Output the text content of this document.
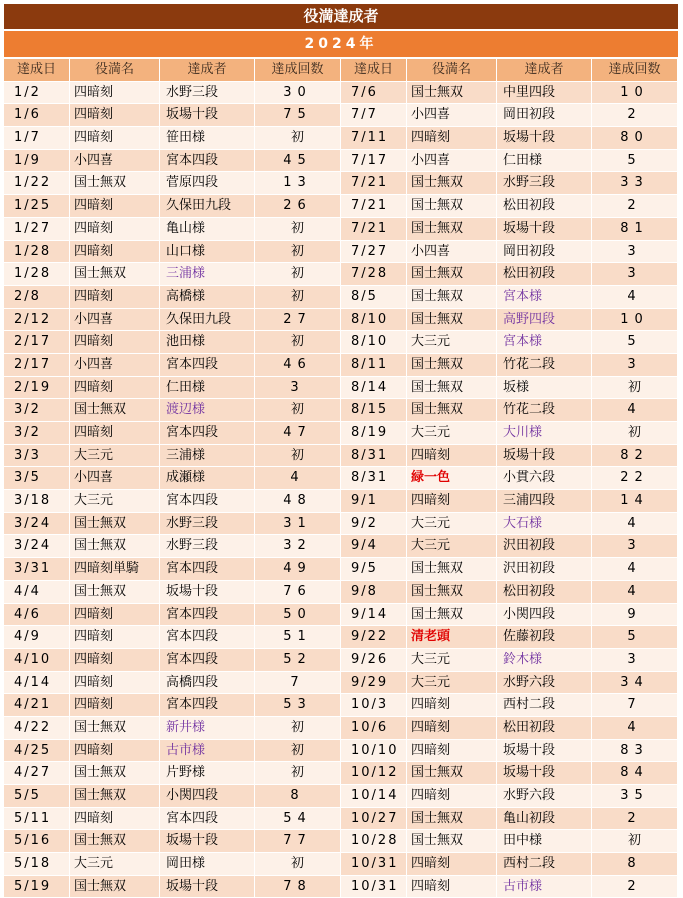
役満達成者
2024年
達成日	役満名	達成者	達成回数
1/2	四暗刻	水野三段	30
1/6	四暗刻	坂場十段	75
1/7	四暗刻	笹田様	初
1/9	小四喜	宮本四段	45
1/22	国士無双	菅原四段	13
1/25	四暗刻	久保田九段	26
1/27	四暗刻	亀山様	初
1/28	四暗刻	山口様	初
1/28	国士無双	三浦様	初
2/8	四暗刻	高橋様	初
2/12	小四喜	久保田九段	27
2/17	四暗刻	池田様	初
2/17	小四喜	宮本四段	46
2/19	四暗刻	仁田様	3
3/2	国士無双	渡辺様	初
3/2	四暗刻	宮本四段	47
3/3	大三元	三浦様	初
3/5	小四喜	成瀬様	4
3/18	大三元	宮本四段	48
3/24	国士無双	水野三段	31
3/24	国士無双	水野三段	32
3/31	四暗刻単騎	宮本四段	49
4/4	国士無双	坂場十段	76
4/6	四暗刻	宮本四段	50
4/9	四暗刻	宮本四段	51
4/10	四暗刻	宮本四段	52
4/14	四暗刻	高橋四段	7
4/21	四暗刻	宮本四段	53
4/22	国士無双	新井様	初
4/25	四暗刻	古市様	初
4/27	国士無双	片野様	初
5/5	国士無双	小関四段	8
5/11	四暗刻	宮本四段	54
5/16	国士無双	坂場十段	77
5/18	大三元	岡田様	初
5/19	国士無双	坂場十段	78
達成日	役満名	達成者	達成回数
7/6	国士無双	中里四段	10
7/7	小四喜	岡田初段	2
7/11	四暗刻	坂場十段	80
7/17	小四喜	仁田様	5
7/21	国士無双	水野三段	33
7/21	国士無双	松田初段	2
7/21	国士無双	坂場十段	81
7/27	小四喜	岡田初段	3
7/28	国士無双	松田初段	3
8/5	国士無双	宮本様	4
8/10	国士無双	高野四段	10
8/10	大三元	宮本様	5
8/11	国士無双	竹花二段	3
8/14	国士無双	坂様	初
8/15	国士無双	竹花二段	4
8/19	大三元	大川様	初
8/31	四暗刻	坂場十段	82
8/31	緑一色	小貫六段	22
9/1	四暗刻	三浦四段	14
9/2	大三元	大石様	4
9/4	大三元	沢田初段	3
9/5	国士無双	沢田初段	4
9/8	国士無双	松田初段	4
9/14	国士無双	小関四段	9
9/22	清老頭	佐藤初段	5
9/26	大三元	鈴木様	3
9/29	大三元	水野六段	34
10/3	四暗刻	西村二段	7
10/6	四暗刻	松田初段	4
10/10 四暗刻	坂場十段	83
10/12 国士無双	坂場十段	84
10/14 四暗刻	水野六段	35
10/27 国士無双	亀山初段	2
10/28 国士無双	田中様	初
10/31 四暗刻	西村二段	8
10/31 四暗刻	古市様	2
